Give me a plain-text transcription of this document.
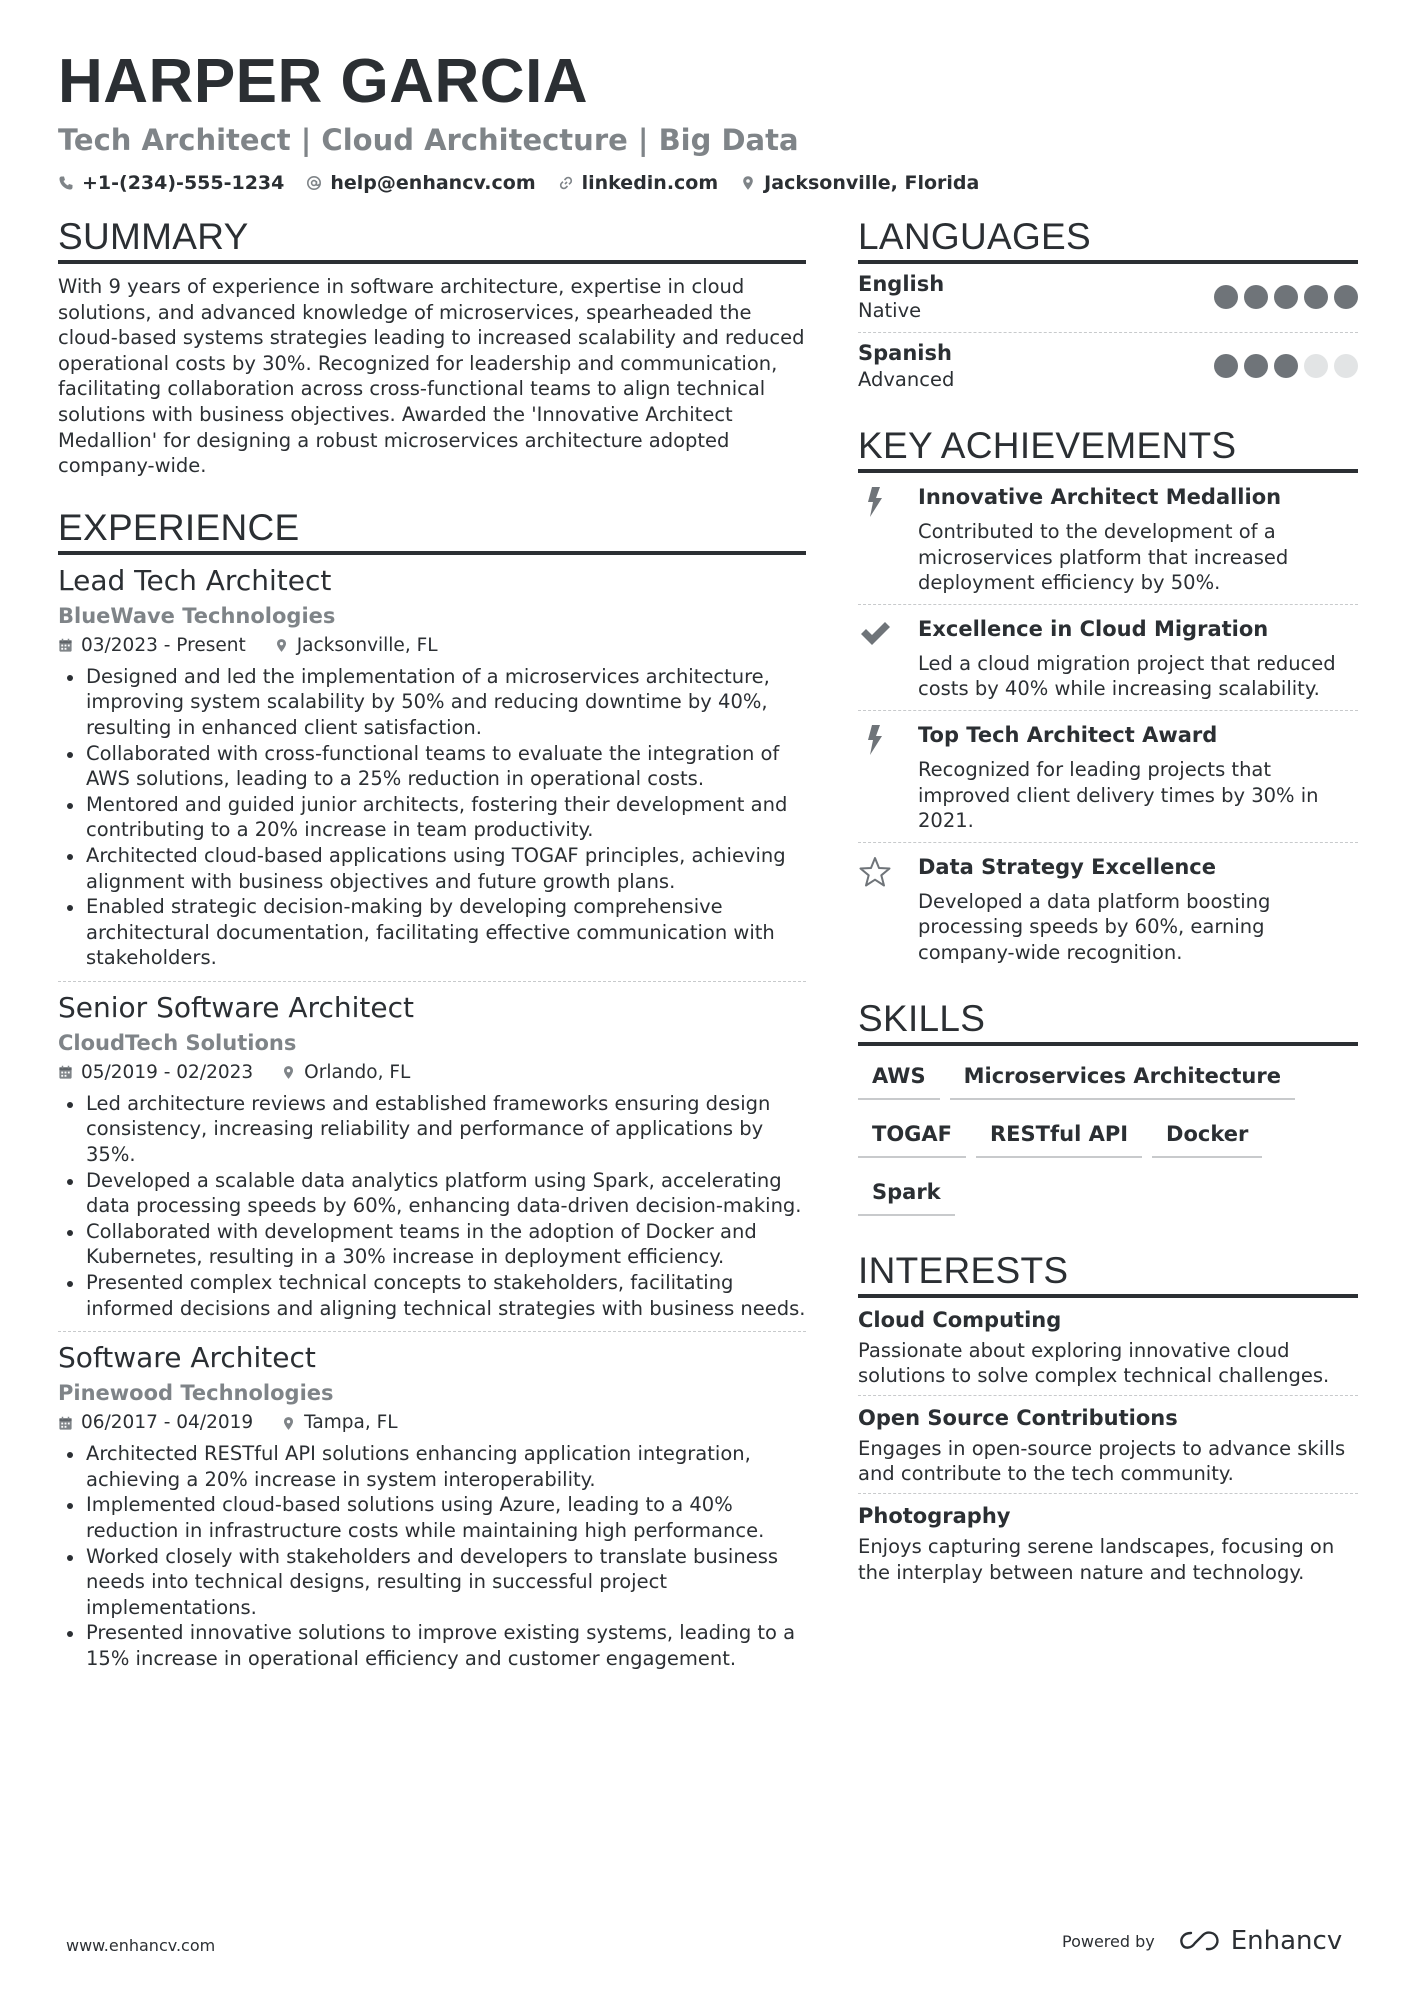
HARPER GARCIA
Tech Architect | Cloud Architecture | Big Data
+1-(234)-555-1234 help@enhancv.com linkedin.com Jacksonville, Florida
SUMMARY
With 9 years of experience in software architecture, expertise in cloud solutions, and advanced knowledge of microservices, spearheaded the cloud-based systems strategies leading to increased scalability and reduced operational costs by 30%. Recognized for leadership and communication, facilitating collaboration across cross-functional teams to align technical solutions with business objectives. Awarded the 'Innovative Architect Medallion' for designing a robust microservices architecture adopted company-wide.
EXPERIENCE
Lead Tech Architect
BlueWave Technologies
03/2023 - Present	Jacksonville, FL
Designed and led the implementation of a microservices architecture, improving system scalability by 50% and reducing downtime by 40%, resulting in enhanced client satisfaction.
Collaborated with cross-functional teams to evaluate the integration of AWS solutions, leading to a 25% reduction in operational costs.
Mentored and guided junior architects, fostering their development and contributing to a 20% increase in team productivity.
Architected cloud-based applications using TOGAF principles, achieving alignment with business objectives and future growth plans.
Enabled strategic decision-making by developing comprehensive architectural documentation, facilitating effective communication with stakeholders.
Senior Software Architect
CloudTech Solutions
05/2019 - 02/2023	Orlando, FL
Led architecture reviews and established frameworks ensuring design consistency, increasing reliability and performance of applications by 35%.
Developed a scalable data analytics platform using Spark, accelerating data processing speeds by 60%, enhancing data-driven decision-making.
Collaborated with development teams in the adoption of Docker and Kubernetes, resulting in a 30% increase in deployment efficiency.
Presented complex technical concepts to stakeholders, facilitating informed decisions and aligning technical strategies with business needs.
Software Architect
Pinewood Technologies
06/2017 - 04/2019	Tampa, FL
Architected RESTful API solutions enhancing application integration, achieving a 20% increase in system interoperability.
Implemented cloud-based solutions using Azure, leading to a 40% reduction in infrastructure costs while maintaining high performance.
Worked closely with stakeholders and developers to translate business needs into technical designs, resulting in successful project implementations.
Presented innovative solutions to improve existing systems, leading to a 15% increase in operational efficiency and customer engagement.
LANGUAGES
English
Native
Spanish
Advanced
KEY ACHIEVEMENTS
Innovative Architect Medallion
Contributed to the development of a microservices platform that increased deployment efficiency by 50%.
Excellence in Cloud Migration
Led a cloud migration project that reduced costs by 40% while increasing scalability.
Top Tech Architect Award
Recognized for leading projects that improved client delivery times by 30% in 2021.
Data Strategy Excellence
Developed a data platform boosting processing speeds by 60%, earning company-wide recognition.
SKILLS
AWS	Microservices Architecture
TOGAF	RESTful API	Docker
Spark
INTERESTS
Cloud Computing
Passionate about exploring innovative cloud solutions to solve complex technical challenges.
Open Source Contributions
Engages in open-source projects to advance skills and contribute to the tech community.
Photography
Enjoys capturing serene landscapes, focusing on the interplay between nature and technology.
www.enhancv.com	Powered by	Enhancv
